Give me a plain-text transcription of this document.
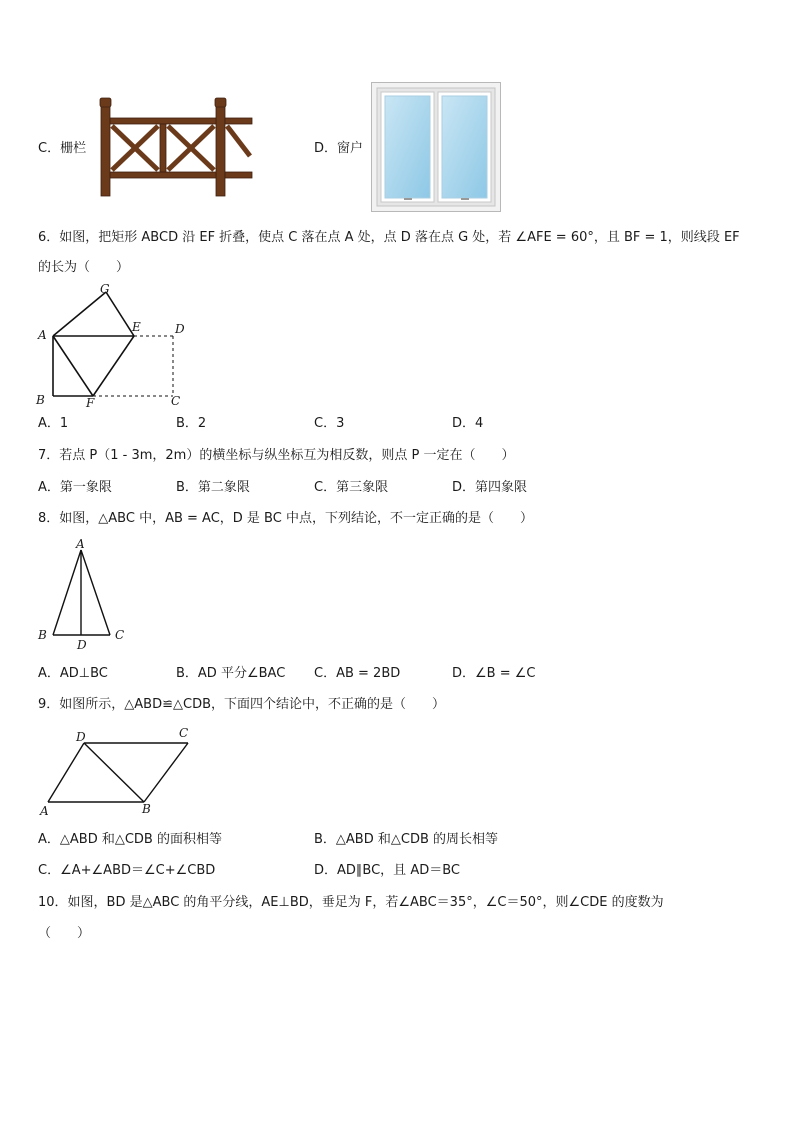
C．栅栏	D．窗户
6．如图，把矩形 ABCD 沿 EF 折叠，使点 C 落在点 A 处，点 D 落在点 G 处，若 ∠AFE = 60°，且 BF = 1，则线段 EF
的长为（　　）
G
A
E	D
B	F	C
A．1	B．2	C．3	D．4
7．若点 P（1 - 3m，2m）的横坐标与纵坐标互为相反数，则点 P 一定在（　　）
A．第一象限	B．第二象限	C．第三象限	D．第四象限
8．如图，△ABC 中，AB = AC，D 是 BC 中点，下列结论，不一定正确的是（　　）
A
B	C
D
A．AD⊥BC	B．AD 平分∠BAC C．AB = 2BD	D．∠B = ∠C
9．如图所示，△ABD≌△CDB，下面四个结论中，不正确的是（　　）
D	C
A	B
A．△ABD 和△CDB 的面积相等	B．△ABD 和△CDB 的周长相等
C．∠A+∠ABD＝∠C+∠CBD	D．AD∥BC，且 AD＝BC
10．如图，BD 是△ABC 的角平分线，AE⊥BD，垂足为 F，若∠ABC＝35°，∠C＝50°，则∠CDE 的度数为
（　　）
